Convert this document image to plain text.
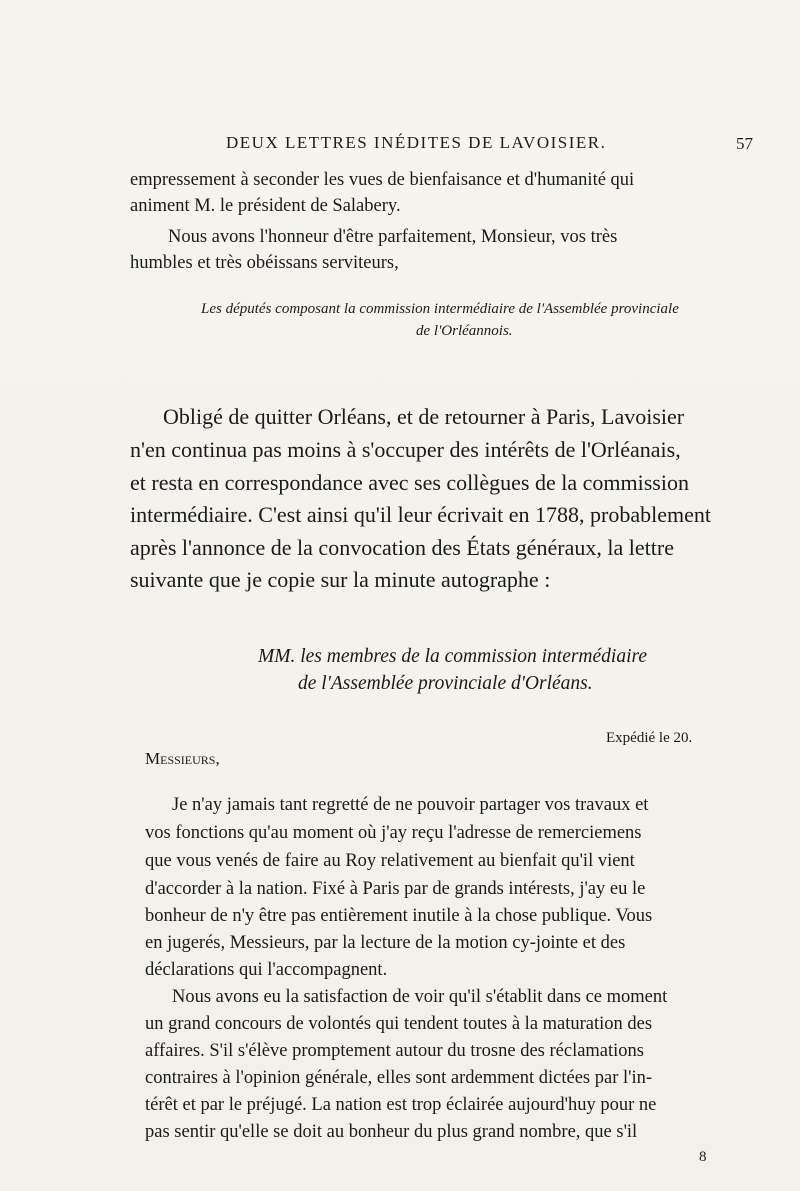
DEUX LETTRES INÉDITES DE LAVOISIER.	57
empressement à seconder les vues de bienfaisance et d'humanité qui
animent M. le président de Salabery.
Nous avons l'honneur d'être parfaitement, Monsieur, vos très
humbles et très obéissans serviteurs,
Les députés composant la commission intermédiaire de l'Assemblée provinciale
de l'Orléannois.
Obligé de quitter Orléans, et de retourner à Paris, Lavoisier
n'en continua pas moins à s'occuper des intérêts de l'Orléanais,
et resta en correspondance avec ses collègues de la commission
intermédiaire. C'est ainsi qu'il leur écrivait en 1788, probablement
après l'annonce de la convocation des États généraux, la lettre
suivante que je copie sur la minute autographe :
MM. les membres de la commission intermédiaire
de l'Assemblée provinciale d'Orléans.
Expédié le 20.
Messieurs,
Je n'ay jamais tant regretté de ne pouvoir partager vos travaux et
vos fonctions qu'au moment où j'ay reçu l'adresse de remerciemens
que vous venés de faire au Roy relativement au bienfait qu'il vient
d'accorder à la nation. Fixé à Paris par de grands intérests, j'ay eu le
bonheur de n'y être pas entièrement inutile à la chose publique. Vous
en jugerés, Messieurs, par la lecture de la motion cy-jointe et des
déclarations qui l'accompagnent.
Nous avons eu la satisfaction de voir qu'il s'établit dans ce moment
un grand concours de volontés qui tendent toutes à la maturation des
affaires. S'il s'élève promptement autour du trosne des réclamations
contraires à l'opinion générale, elles sont ardemment dictées par l'in-
térêt et par le préjugé. La nation est trop éclairée aujourd'huy pour ne
pas sentir qu'elle se doit au bonheur du plus grand nombre, que s'il
8
